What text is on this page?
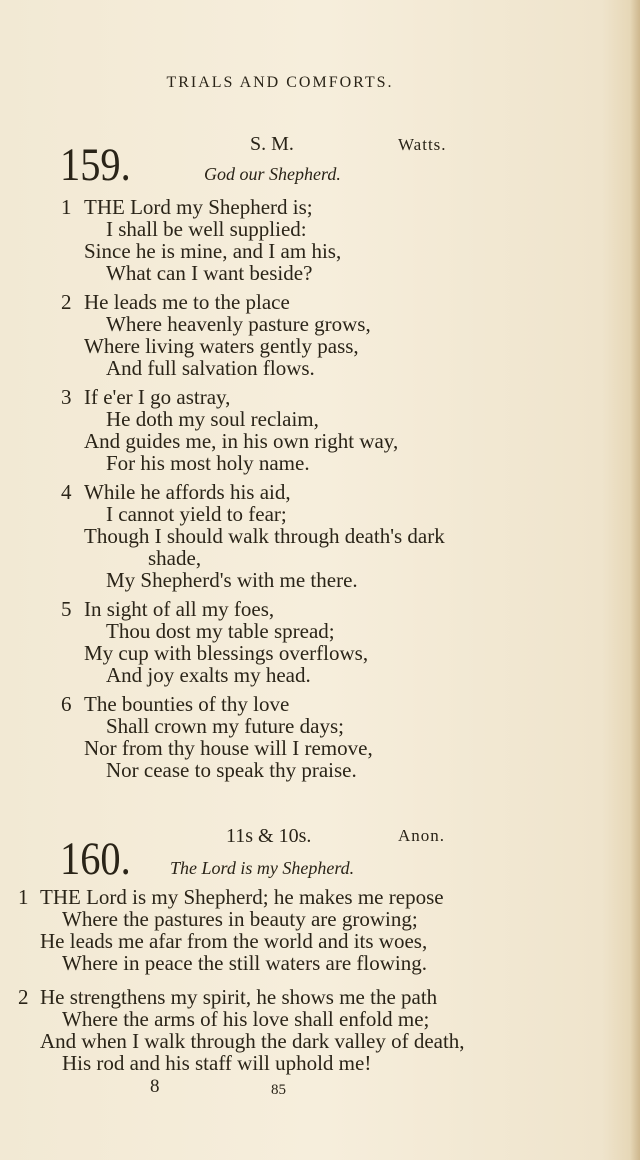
TRIALS AND COMFORTS.
159.	S. M.	Watts.
God our Shepherd.
1 THE Lord my Shepherd is;
I shall be well supplied:
Since he is mine, and I am his,
What can I want beside?
2 He leads me to the place
Where heavenly pasture grows,
Where living waters gently pass,
And full salvation flows.
3 If e'er I go astray,
He doth my soul reclaim,
And guides me, in his own right way,
For his most holy name.
4 While he affords his aid,
I cannot yield to fear;
Though I should walk through death's dark
shade,
My Shepherd's with me there.
5 In sight of all my foes,
Thou dost my table spread;
My cup with blessings overflows,
And joy exalts my head.
6 The bounties of thy love
Shall crown my future days;
Nor from thy house will I remove,
Nor cease to speak thy praise.
160.	11s & 10s.	Anon.
The Lord is my Shepherd.
1 THE Lord is my Shepherd; he makes me repose
Where the pastures in beauty are growing;
He leads me afar from the world and its woes,
Where in peace the still waters are flowing.
2 He strengthens my spirit, he shows me the path
Where the arms of his love shall enfold me;
And when I walk through the dark valley of death,
His rod and his staff will uphold me!
8	85
